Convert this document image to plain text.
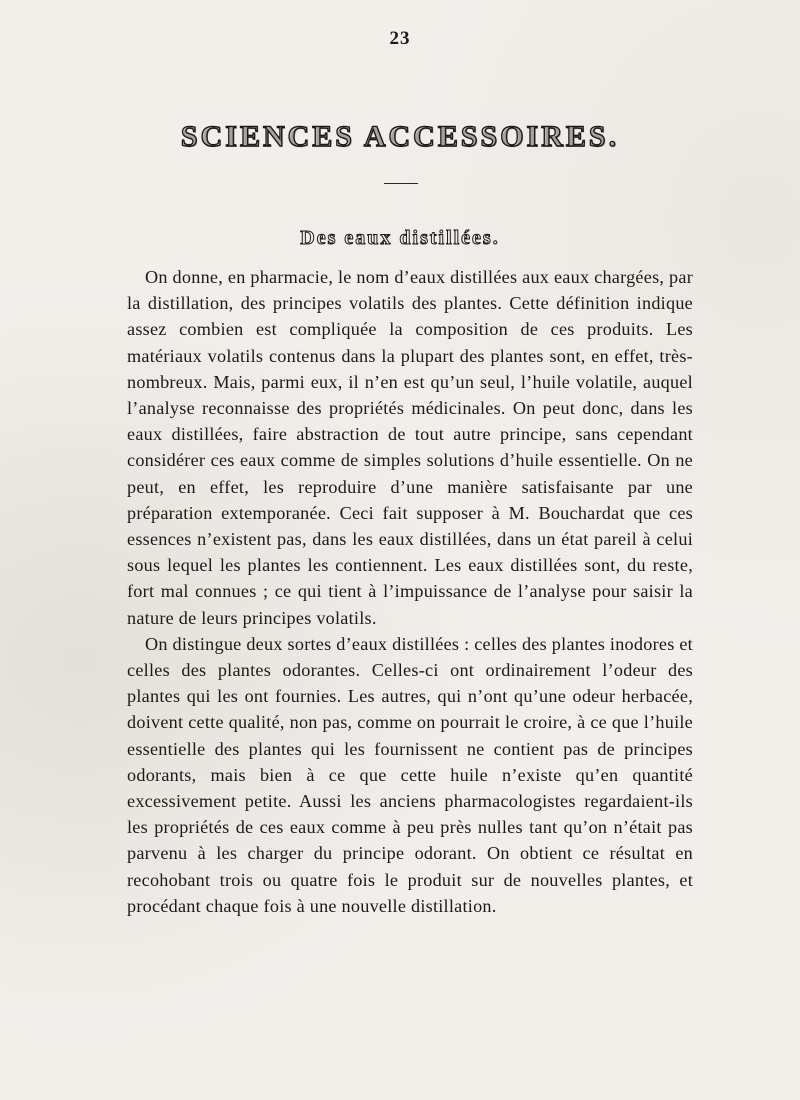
23
SCIENCES ACCESSOIRES.
Des eaux distillées.

On donne, en pharmacie, le nom d’eaux distillées aux eaux chargées, par la distillation, des principes volatils des plantes. Cette définition indique assez combien est compliquée la composition de ces produits. Les matériaux volatils contenus dans la plupart des plantes sont, en effet, très-nombreux. Mais, parmi eux, il n’en est qu’un seul, l’huile volatile, auquel l’analyse reconnaisse des propriétés médicinales. On peut donc, dans les eaux distillées, faire abstraction de tout autre principe, sans cependant considérer ces eaux comme de simples solutions d’huile essentielle. On ne peut, en effet, les reproduire d’une manière satisfaisante par une préparation extemporanée. Ceci fait supposer à M. Bouchardat que ces essences n’existent pas, dans les eaux distillées, dans un état pareil à celui sous lequel les plantes les contiennent. Les eaux distillées sont, du reste, fort mal connues ; ce qui tient à l’impuissance de l’analyse pour saisir la nature de leurs principes volatils.

On distingue deux sortes d’eaux distillées : celles des plantes inodores et celles des plantes odorantes. Celles-ci ont ordinairement l’odeur des plantes qui les ont fournies. Les autres, qui n’ont qu’une odeur herbacée, doivent cette qualité, non pas, comme on pourrait le croire, à ce que l’huile essentielle des plantes qui les fournissent ne contient pas de principes odorants, mais bien à ce que cette huile n’existe qu’en quantité excessivement petite. Aussi les anciens pharmacologistes regardaient-ils les propriétés de ces eaux comme à peu près nulles tant qu’on n’était pas parvenu à les charger du principe odorant. On obtient ce résultat en recohobant trois ou quatre fois le produit sur de nouvelles plantes, et procédant chaque fois à une nouvelle distillation.
